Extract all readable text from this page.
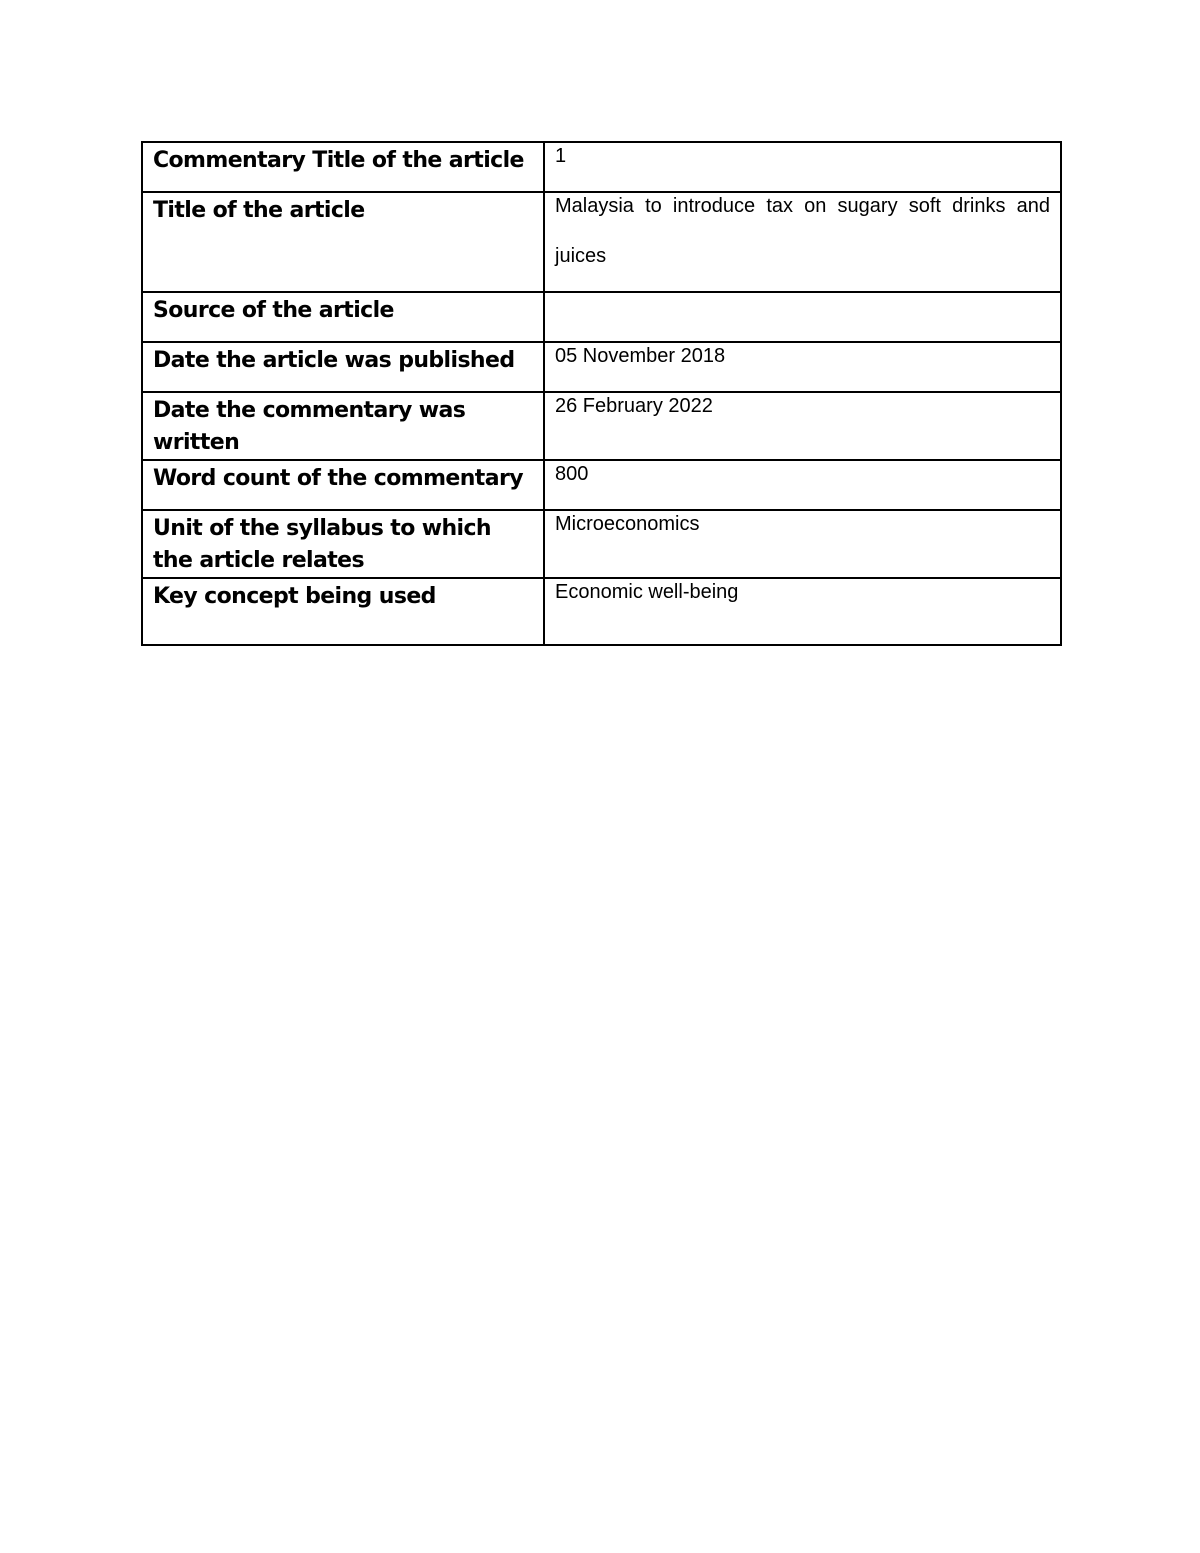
Commentary Title of the article	1

Title of the article	Malaysia to introduce tax on sugary soft drinks and juices

Source of the article	

Date the article was published	05 November 2018

Date the commentary was written	26 February 2022

Word count of the commentary	800

Unit of the syllabus to which the article relates	Microeconomics

Key concept being used	Economic well-being
